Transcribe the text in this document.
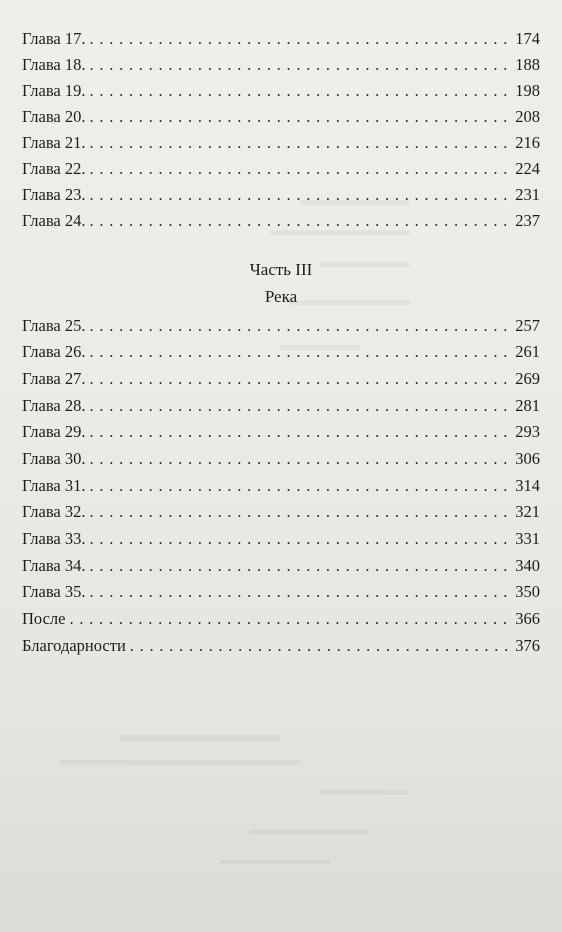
Глава 17. . . .	174
Глава 18. . . .	188
Глава 19. . . .	198
Глава 20. . . .	208
Глава 21. . . .	216
Глава 22. . . .	224
Глава 23. . . .	231
Глава 24. . . .	237
Часть III
Река
Глава 25. . . .	257
Глава 26. . . .	261
Глава 27. . . .	269
Глава 28. . . .	281
Глава 29. . . .	293
Глава 30. . . .	306
Глава 31. . . .	314
Глава 32. . . .	321
Глава 33. . . .	331
Глава 34. . . .	340
Глава 35. . . .	350
После . . .	366
Благодарности . . .	376
